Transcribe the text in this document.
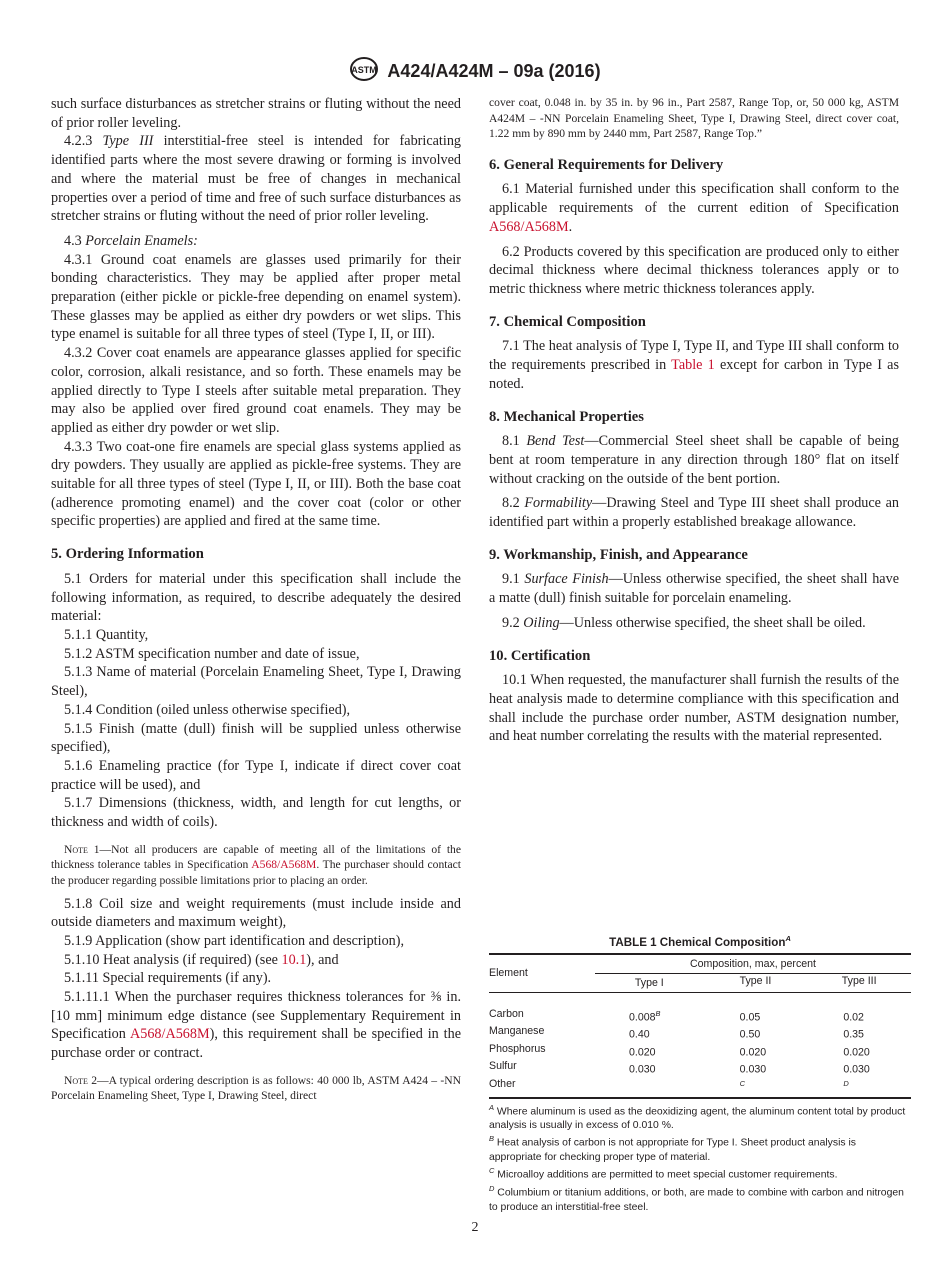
ASTM A424/A424M – 09a (2016)

such surface disturbances as stretcher strains or fluting without the need of prior roller leveling.

4.2.3 Type III interstitial-free steel is intended for fabricating identified parts where the most severe drawing or forming is involved and where the material must be free of changes in mechanical properties over a period of time and free of such surface disturbances as stretcher strains or fluting without the need of prior roller leveling.

4.3 Porcelain Enamels:

4.3.1 Ground coat enamels are glasses used primarily for their bonding characteristics. They may be applied after proper metal preparation (either pickle or pickle-free depending on enamel system). These glasses may be applied as either dry powders or wet slips. This type enamel is suitable for all three types of steel (Type I, II, or III).

4.3.2 Cover coat enamels are appearance glasses applied for specific color, corrosion, alkali resistance, and so forth. These enamels may be applied directly to Type I steels after suitable metal preparation. They may also be applied over fired ground coat enamels. They may be applied as either dry powder or wet slip.

4.3.3 Two coat-one fire enamels are special glass systems applied as dry powders. They usually are applied as pickle-free systems. They are suitable for all three types of steel (Type I, II, or III). Both the base coat (adherence promoting enamel) and the cover coat (color or other specific properties) are applied and fired at the same time.

5. Ordering Information

5.1 Orders for material under this specification shall include the following information, as required, to describe adequately the desired material:

5.1.1 Quantity,

5.1.2 ASTM specification number and date of issue,

5.1.3 Name of material (Porcelain Enameling Sheet, Type I, Drawing Steel),

5.1.4 Condition (oiled unless otherwise specified),

5.1.5 Finish (matte (dull) finish will be supplied unless otherwise specified),

5.1.6 Enameling practice (for Type I, indicate if direct cover coat practice will be used), and

5.1.7 Dimensions (thickness, width, and length for cut lengths, or thickness and width of coils).

Note 1—Not all producers are capable of meeting all of the limitations of the thickness tolerance tables in Specification A568/A568M. The purchaser should contact the producer regarding possible limitations prior to placing an order.

5.1.8 Coil size and weight requirements (must include inside and outside diameters and maximum weight),

5.1.9 Application (show part identification and description),

5.1.10 Heat analysis (if required) (see 10.1), and

5.1.11 Special requirements (if any).

5.1.11.1 When the purchaser requires thickness tolerances for ⅜ in. [10 mm] minimum edge distance (see Supplementary Requirement in Specification A568/A568M), this requirement shall be specified in the purchase order or contract.

Note 2—A typical ordering description is as follows: 40 000 lb, ASTM A424 – -NN Porcelain Enameling Sheet, Type I, Drawing Steel, direct

cover coat, 0.048 in. by 35 in. by 96 in., Part 2587, Range Top, or, 50 000 kg, ASTM A424M – -NN Porcelain Enameling Sheet, Type I, Drawing Steel, direct cover coat, 1.22 mm by 890 mm by 2440 mm, Part 2587, Range Top.”

6. General Requirements for Delivery

6.1 Material furnished under this specification shall conform to the applicable requirements of the current edition of Specification A568/A568M.

6.2 Products covered by this specification are produced only to either decimal thickness where decimal thickness tolerances apply or to metric thickness where metric thickness tolerances apply.

7. Chemical Composition

7.1 The heat analysis of Type I, Type II, and Type III shall conform to the requirements prescribed in Table 1 except for carbon in Type I as noted.

8. Mechanical Properties

8.1 Bend Test—Commercial Steel sheet shall be capable of being bent at room temperature in any direction through 180° flat on itself without cracking on the outside of the bent portion.

8.2 Formability—Drawing Steel and Type III sheet shall produce an identified part within a properly established breakage allowance.

9. Workmanship, Finish, and Appearance

9.1 Surface Finish—Unless otherwise specified, the sheet shall have a matte (dull) finish suitable for porcelain enameling.

9.2 Oiling—Unless otherwise specified, the sheet shall be oiled.

10. Certification

10.1 When requested, the manufacturer shall furnish the results of the heat analysis made to determine compliance with this specification and shall include the purchase order number, ASTM designation number, and heat number correlating the results with the material represented.

TABLE 1 Chemical Composition$^A$
Element	Composition, max, percent		
	Type I	Type II	Type III

Carbon	$0.008^B$	0.05	0.02
Manganese	0.40	0.50	0.35
Phosphorus	0.020	0.020	0.020
Sulfur	0.030	0.030	0.030
Other		$^C$	$^D$
$^A$ Where aluminum is used as the deoxidizing agent, the aluminum content total by product analysis is usually in excess of 0.010 %.
$^B$ Heat analysis of carbon is not appropriate for Type I. Sheet product analysis is appropriate for checking proper type of material.
$^C$ Microalloy additions are permitted to meet special customer requirements.
$^D$ Columbium or titanium additions, or both, are made to combine with carbon and nitrogen to produce an interstitial-free steel.
2
